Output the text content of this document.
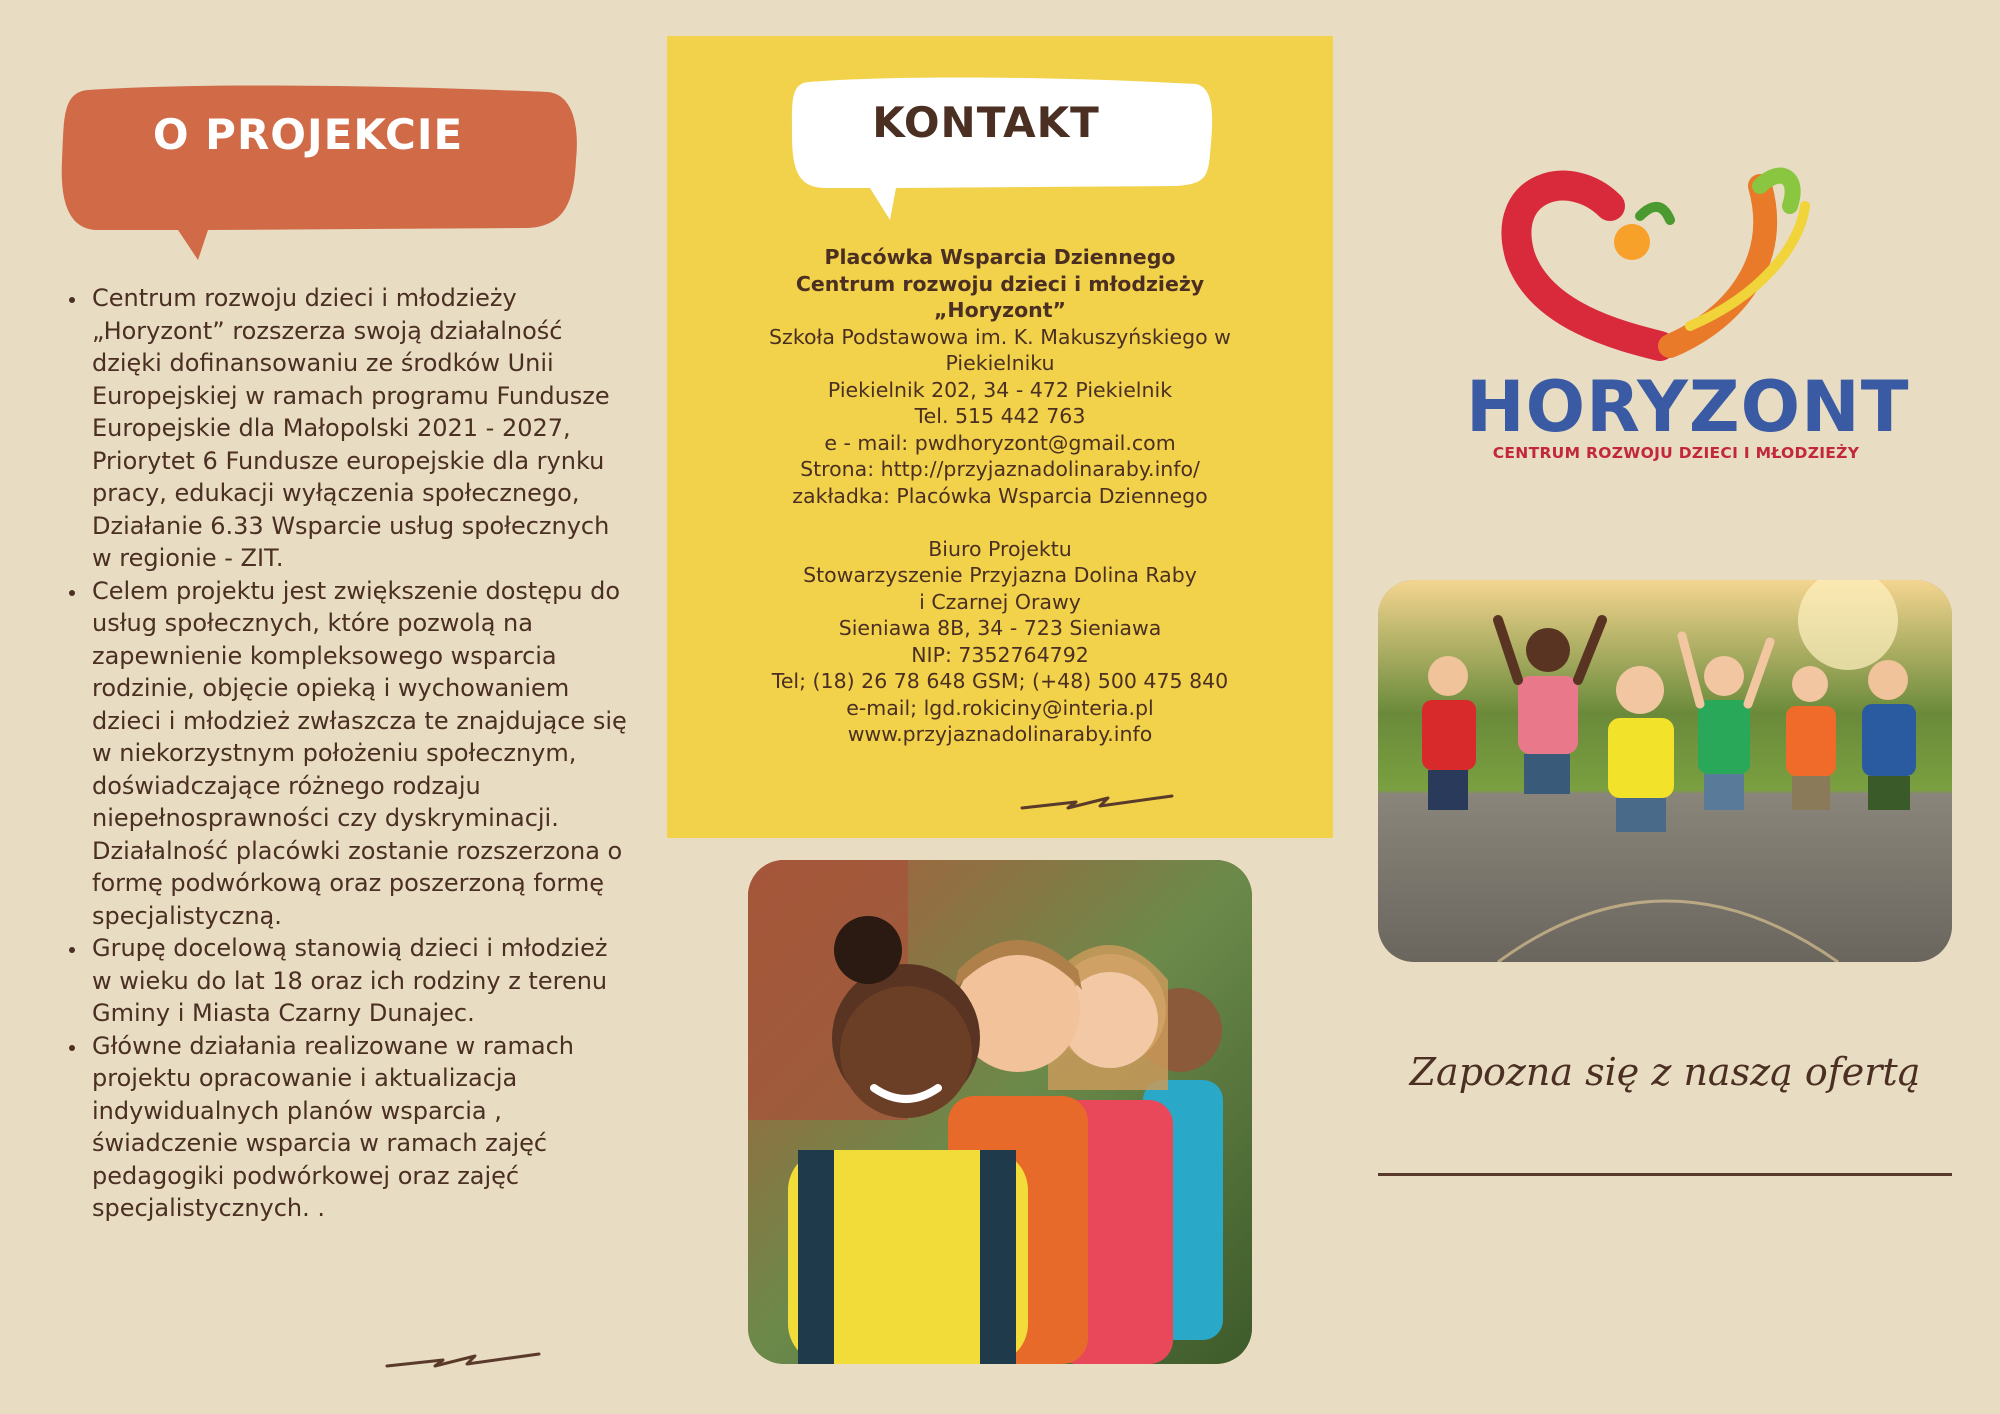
O PROJEKCIE
• Centrum rozwoju dzieci i młodzieży „Horyzont” rozszerza swoją działalność dzięki dofinansowaniu ze środków Unii Europejskiej w ramach programu Fundusze Europejskie dla Małopolski 2021 - 2027, Priorytet 6 Fundusze europejskie dla rynku pracy, edukacji wyłączenia społecznego, Działanie 6.33 Wsparcie usług społecznych w regionie - ZIT.
• Celem projektu jest zwiększenie dostępu do usług społecznych, które pozwolą na zapewnienie kompleksowego wsparcia rodzinie, objęcie opieką i wychowaniem dzieci i młodzież zwłaszcza te znajdujące się w niekorzystnym położeniu społecznym, doświadczające różnego rodzaju niepełnosprawności czy dyskryminacji. Działalność placówki zostanie rozszerzona o formę podwórkową oraz poszerzoną formę specjalistyczną.
• Grupę docelową stanowią dzieci i młodzież w wieku do lat 18 oraz ich rodziny z terenu Gminy i Miasta Czarny Dunajec.
• Główne działania realizowane w ramach projektu opracowanie i aktualizacja indywidualnych planów wsparcia , świadczenie wsparcia w ramach zajęć pedagogiki podwórkowej oraz zajęć specjalistycznych. .
KONTAKT
Placówka Wsparcia Dziennego
Centrum rozwoju dzieci i młodzieży
„Horyzont”
Szkoła Podstawowa im. K. Makuszyńskiego w
Piekielniku
Piekielnik 202, 34 - 472 Piekielnik
Tel. 515 442 763
e - mail: pwdhoryzont@gmail.com
Strona: http://przyjaznadolinaraby.info/
zakładka: Placówka Wsparcia Dziennego
Biuro Projektu
Stowarzyszenie Przyjazna Dolina Raby
i Czarnej Orawy
Sieniawa 8B, 34 - 723 Sieniawa
NIP: 7352764792
Tel; (18) 26 78 648 GSM; (+48) 500 475 840
e-mail; lgd.rokiciny@interia.pl
www.przyjaznadolinaraby.info
HORYZONT
CENTRUM ROZWOJU DZIECI I MŁODZIEŻY
Zapozna się z naszą ofertą
